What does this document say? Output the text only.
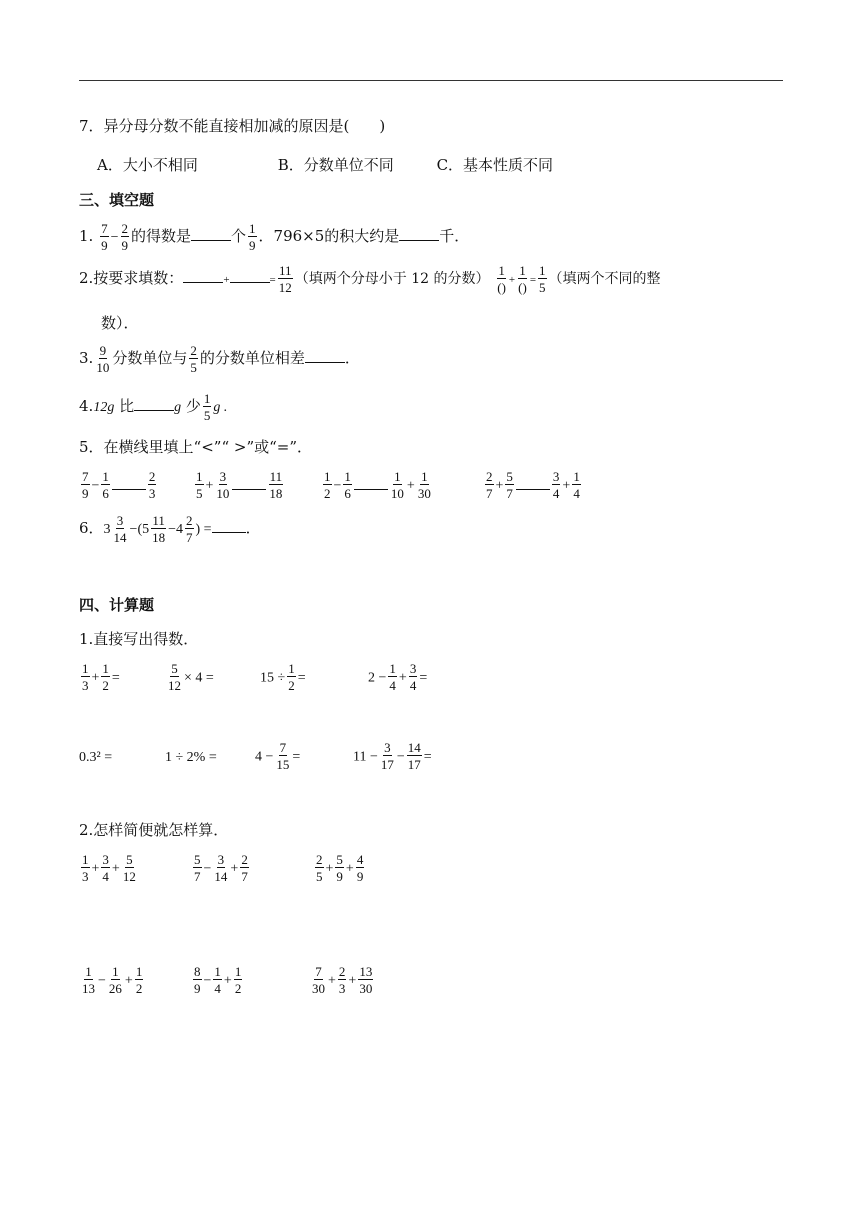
7．异分母分数不能直接相加减的原因是(　　)
A．大小不相同	B．分数单位不同	C．基本性质不同
三、填空题
1. $\frac{7}{9} - \frac{2}{9}$ 的得数是	个 $\frac{1}{9}$ ．796×5的积大约是	千．
2.按要求填数：	+	= $\frac{11}{12}$ （填两个分母小于 12 的分数） $\frac{1}{()} + \frac{1}{()} = \frac{1}{5}$ （填两个不同的整
数）．
3. $\frac{9}{10}$ 分数单位与 $\frac{2}{5}$ 的分数单位相差	．
4.12g 比	g 少 $\frac{1}{5}$ g .
5．在横线里填上“<”“ >”或“=”．
$\frac{7}{9} - \frac{1}{6}$	$\frac{2}{3}$	$\frac{1}{5} + \frac{3}{10}$	$\frac{11}{18}$	$\frac{1}{2} - \frac{1}{6}$	$\frac{1}{10} + \frac{1}{30}$	$\frac{2}{7} + \frac{5}{7}$	$\frac{3}{4} + \frac{1}{4}$
6．$3 \frac{3}{14} -(5 \frac{11}{18} -4 \frac{2}{7}$ ) = ．
四、计算题
1.直接写出得数．
$\frac{1}{3} + \frac{1}{2}$ =	$\frac{5}{12} \times 4$ =	$15 \div \frac{1}{2}$ =	$2 - \frac{1}{4} + \frac{3}{4}$ =
0.3² =	1 ÷ 2% =	$4 - \frac{7}{15}$ =	$11 - \frac{3}{17} - \frac{14}{17}$ =
2.怎样简便就怎样算．
$\frac{1}{3} + \frac{3}{4} + \frac{5}{12}$	$\frac{5}{7} - \frac{3}{14} + \frac{2}{7}$	$\frac{2}{5} + \frac{5}{9} + \frac{4}{9}$
$\frac{1}{13} - \frac{1}{26} + \frac{1}{2}$	$\frac{8}{9} - \frac{1}{4} + \frac{1}{2}$	$\frac{7}{30} + \frac{2}{3} + \frac{13}{30}$
